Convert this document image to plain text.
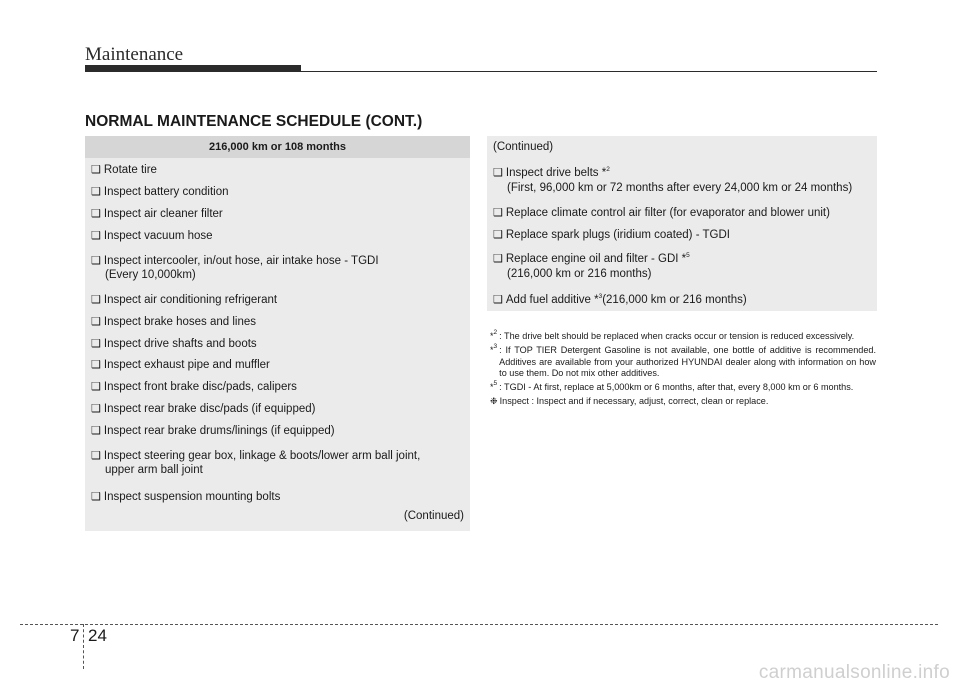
Maintenance
NORMAL MAINTENANCE SCHEDULE (CONT.)
216,000 km or 108 months
❑ Rotate tire
❑ Inspect battery condition
❑ Inspect air cleaner filter
❑ Inspect vacuum hose
❑ Inspect intercooler, in/out hose, air intake hose - TGDI
(Every 10,000km)
❑ Inspect air conditioning refrigerant
❑ Inspect brake hoses and lines
❑ Inspect drive shafts and boots
❑ Inspect exhaust pipe and muffler
❑ Inspect front brake disc/pads, calipers
❑ Inspect rear brake disc/pads (if equipped)
❑ Inspect rear brake drums/linings (if equipped)
❑ Inspect steering gear box, linkage & boots/lower arm ball joint,
upper arm ball joint
❑ Inspect suspension mounting bolts
(Continued)
(Continued)
❑ Inspect drive belts *$^2$
(First, 96,000 km or 72 months after every 24,000 km or 24 months)
❑ Replace climate control air filter (for evaporator and blower unit)
❑ Replace spark plugs (iridium coated) - TGDI
❑ Replace engine oil and filter - GDI *$^5$
(216,000 km or 216 months)
❑ Add fuel additive *$^3$(216,000 km or 216 months)
*$^2$ : The drive belt should be replaced when cracks occur or tension is reduced excessively.
*$^3$ : If TOP TIER Detergent Gasoline is not available, one bottle of additive is recommended. Additives are available from your authorized HYUNDAI dealer along with information on how to use them. Do not mix other additives.
*$^5$ : TGDI - At first, replace at 5,000km or 6 months, after that, every 8,000 km or 6 months.
❉ Inspect : Inspect and if necessary, adjust, correct, clean or replace.
7 24
carmanualsonline.info
